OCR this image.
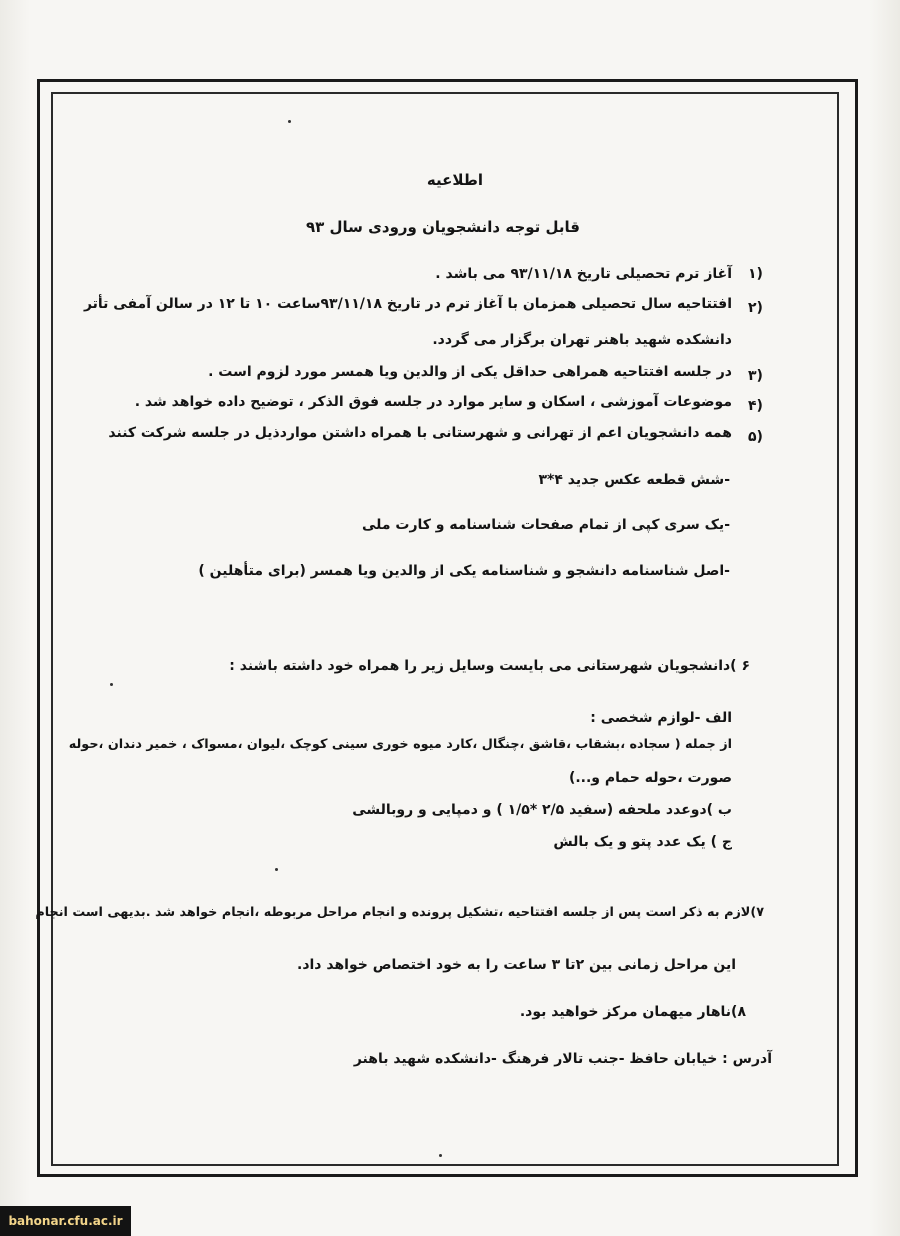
اطلاعیه
قابل توجه دانشجویان ورودی سال ۹۳
۱)
آغاز ترم تحصیلی تاریخ ۹۳/۱۱/۱۸ می باشد .
۲)
افتتاحیه سال تحصیلی همزمان با آغاز ترم در تاریخ ۹۳/۱۱/۱۸ساعت ۱۰ تا ۱۲ در سالن آمفی تأتر
دانشکده شهید باهنر تهران برگزار می گردد.
۳)
در جلسه افتتاحیه همراهی حداقل یکی از والدین ویا همسر مورد لزوم است .
۴)
موضوعات آموزشی ، اسکان و سایر موارد در جلسه فوق الذکر ، توضیح داده خواهد شد .
۵)
همه دانشجویان اعم از تهرانی و شهرستانی با همراه داشتن مواردذیل در جلسه شرکت کنند
-شش قطعه عکس جدید ۴*۳
-یک سری کپی از تمام صفحات شناسنامه و کارت ملی
-اصل شناسنامه دانشجو و شناسنامه یکی از والدین ویا همسر (برای متأهلین )
۶ )دانشجویان شهرستانی می بایست وسایل زیر را همراه خود داشته باشند :
الف -لوازم شخصی :
از جمله ( سجاده ،بشقاب ،قاشق ،چنگال ،کارد میوه خوری سینی کوچک ،لیوان ،مسواک ، خمیر دندان ،حوله
صورت ،حوله حمام و...)
ب )دوعدد ملحفه (سفید ۲/۵ *۱/۵ ) و دمپایی و روبالشی
ج ) یک عدد پتو و یک بالش
۷)لازم به ذکر است پس از جلسه افتتاحیه ،تشکیل پرونده و انجام مراحل مربوطه ،انجام خواهد شد .بدیهی است انجام
این مراحل زمانی بین ۲تا ۳ ساعت را به خود اختصاص خواهد داد.
۸)ناهار میهمان مرکز خواهید بود.
آدرس : خیابان حافظ -جنب تالار فرهنگ -دانشکده شهید باهنر
bahonar.cfu.ac.ir
